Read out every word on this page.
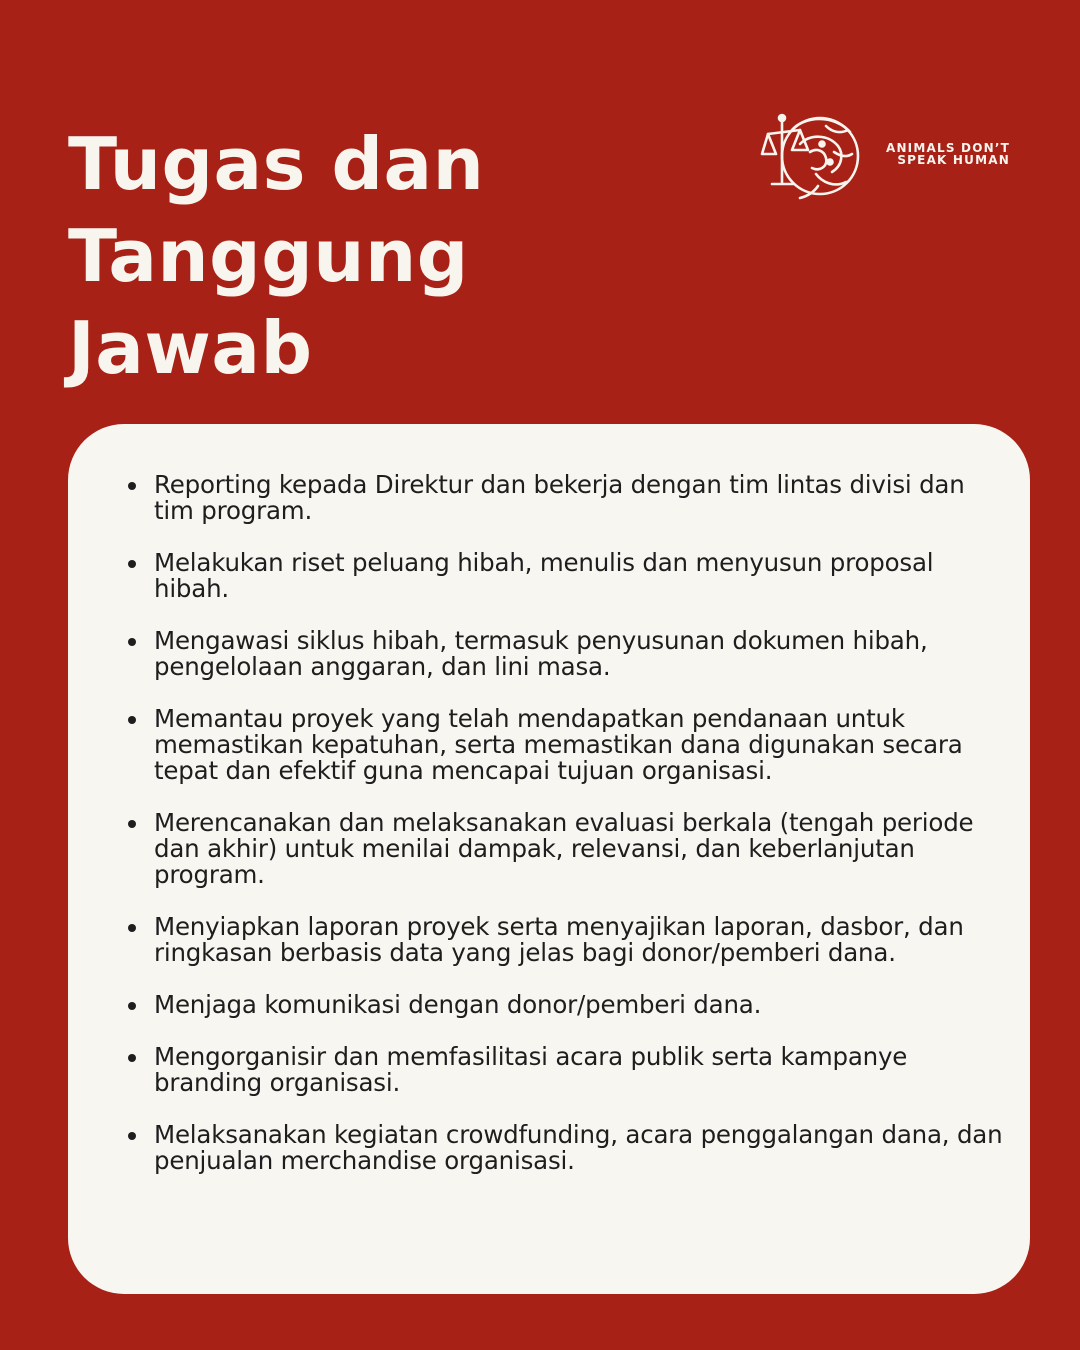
Tugas dan
Tanggung
Jawab
ANIMALS DON’T
SPEAK HUMAN
Reporting kepada Direktur dan bekerja dengan tim lintas divisi dan tim program.
Melakukan riset peluang hibah, menulis dan menyusun proposal hibah.
Mengawasi siklus hibah, termasuk penyusunan dokumen hibah, pengelolaan anggaran, dan lini masa.
Memantau proyek yang telah mendapatkan pendanaan untuk memastikan kepatuhan, serta memastikan dana digunakan secara tepat dan efektif guna mencapai tujuan organisasi.
Merencanakan dan melaksanakan evaluasi berkala (tengah periode dan akhir) untuk menilai dampak, relevansi, dan keberlanjutan program.
Menyiapkan laporan proyek serta menyajikan laporan, dasbor, dan ringkasan berbasis data yang jelas bagi donor/pemberi dana.
Menjaga komunikasi dengan donor/pemberi dana.
Mengorganisir dan memfasilitasi acara publik serta kampanye branding organisasi.
Melaksanakan kegiatan crowdfunding, acara penggalangan dana, dan penjualan merchandise organisasi.
